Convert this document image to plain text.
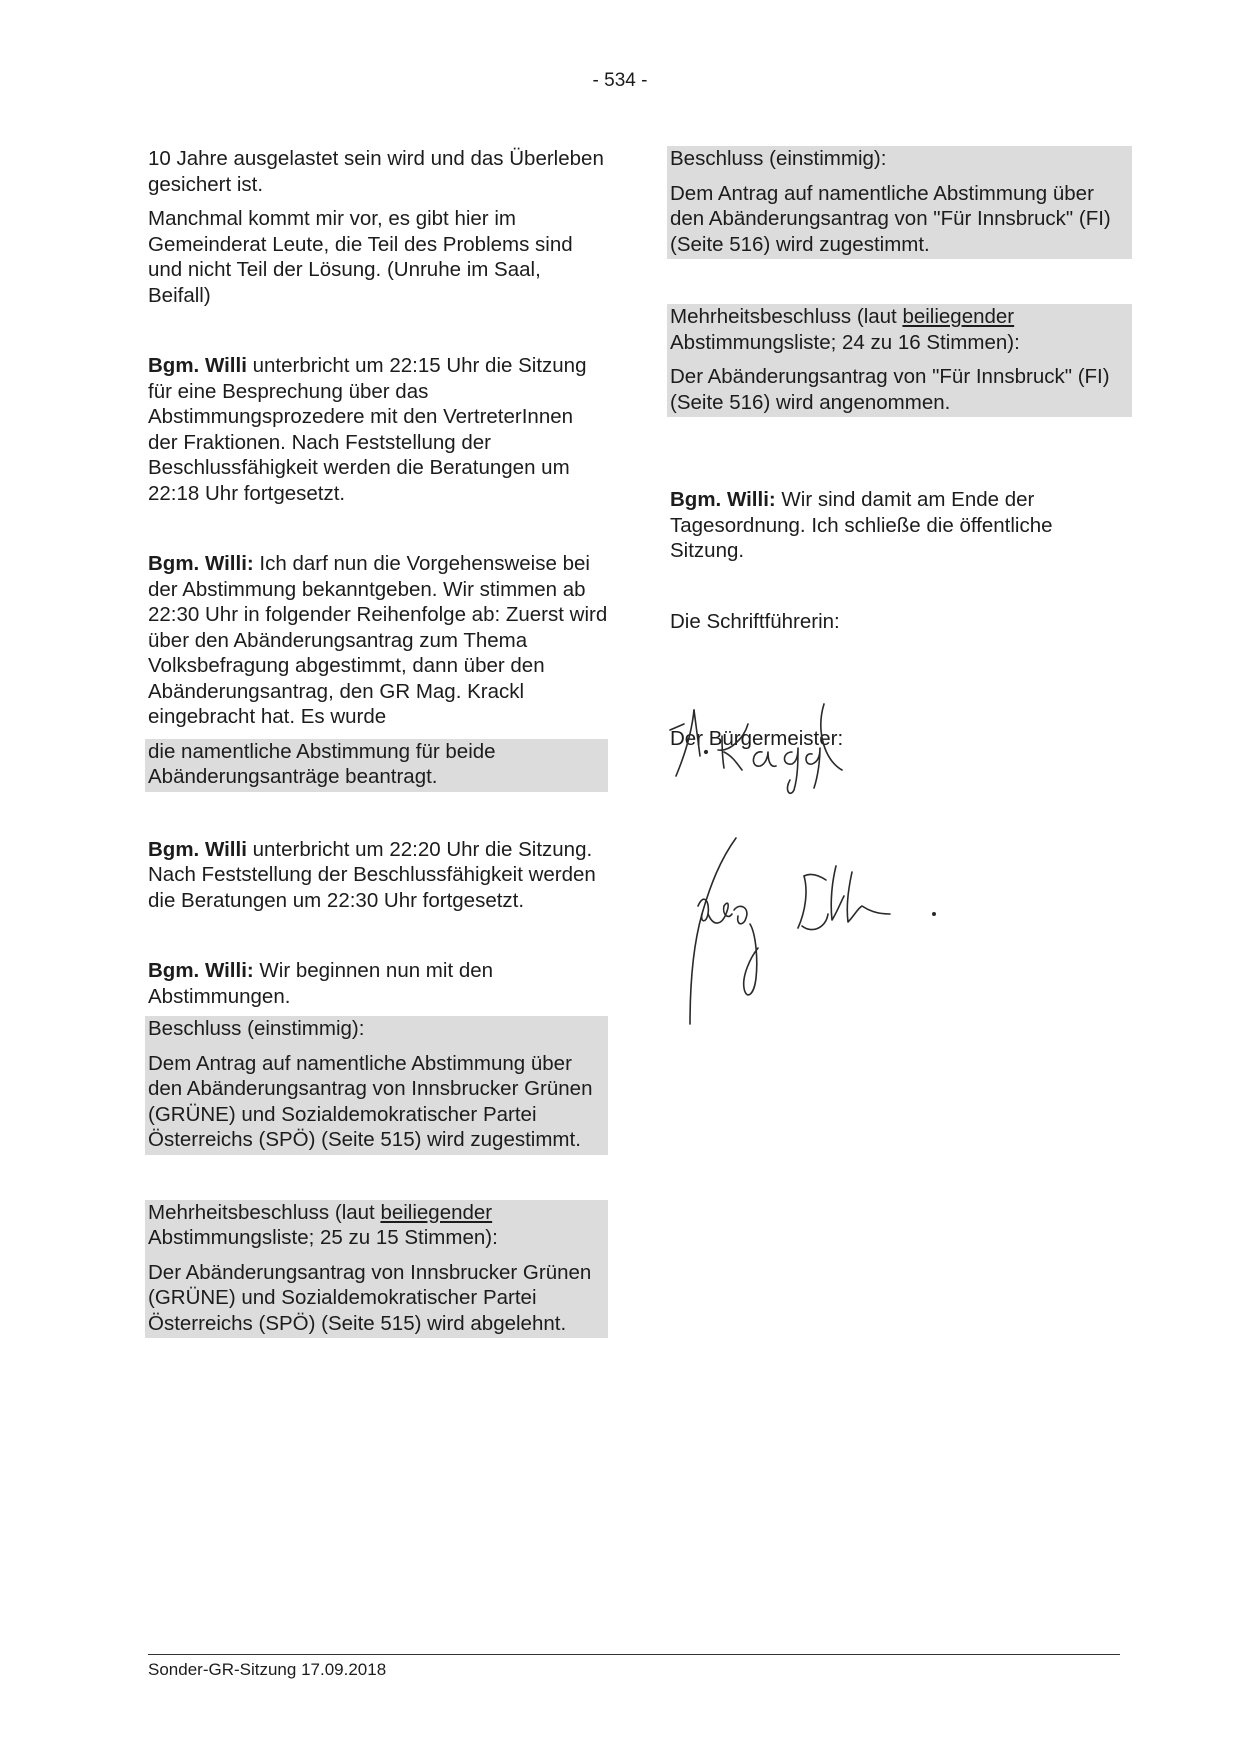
- 534 -

10 Jahre ausgelastet sein wird und das Überleben gesichert ist.

Manchmal kommt mir vor, es gibt hier im Gemeinderat Leute, die Teil des Problems sind und nicht Teil der Lösung. (Unruhe im Saal, Beifall)

Bgm. Willi unterbricht um 22:15 Uhr die Sitzung für eine Besprechung über das Abstimmungsprozedere mit den VertreterInnen der Fraktionen. Nach Feststellung der Beschlussfähigkeit werden die Beratungen um 22:18 Uhr fortgesetzt.

Bgm. Willi: Ich darf nun die Vorgehensweise bei der Abstimmung bekanntgeben. Wir stimmen ab 22:30 Uhr in folgender Reihenfolge ab: Zuerst wird über den Abänderungsantrag zum Thema Volksbefragung abgestimmt, dann über den Abänderungsantrag, den GR Mag. Krackl eingebracht hat. Es wurde

die namentliche Abstimmung für beide Abänderungsanträge beantragt.

Bgm. Willi unterbricht um 22:20 Uhr die Sitzung. Nach Feststellung der Beschlussfähigkeit werden die Beratungen um 22:30 Uhr fortgesetzt.

Bgm. Willi: Wir beginnen nun mit den Abstimmungen.

Beschluss (einstimmig):

Dem Antrag auf namentliche Abstimmung über den Abänderungsantrag von Innsbrucker Grünen (GRÜNE) und Sozialdemokratischer Partei Österreichs (SPÖ) (Seite 515) wird zugestimmt.

Mehrheitsbeschluss (laut beiliegender Abstimmungsliste; 25 zu 15 Stimmen):

Der Abänderungsantrag von Innsbrucker Grünen (GRÜNE) und Sozialdemokratischer Partei Österreichs (SPÖ) (Seite 515) wird abgelehnt.

Beschluss (einstimmig):

Dem Antrag auf namentliche Abstimmung über den Abänderungsantrag von "Für Innsbruck" (FI) (Seite 516) wird zugestimmt.

Mehrheitsbeschluss (laut beiliegender Abstimmungsliste; 24 zu 16 Stimmen):

Der Abänderungsantrag von "Für Innsbruck" (FI) (Seite 516) wird angenommen.

Bgm. Willi: Wir sind damit am Ende der Tagesordnung. Ich schließe die öffentliche Sitzung.

Die Schriftführerin:

Der Bürgermeister:

Sonder-GR-Sitzung 17.09.2018
